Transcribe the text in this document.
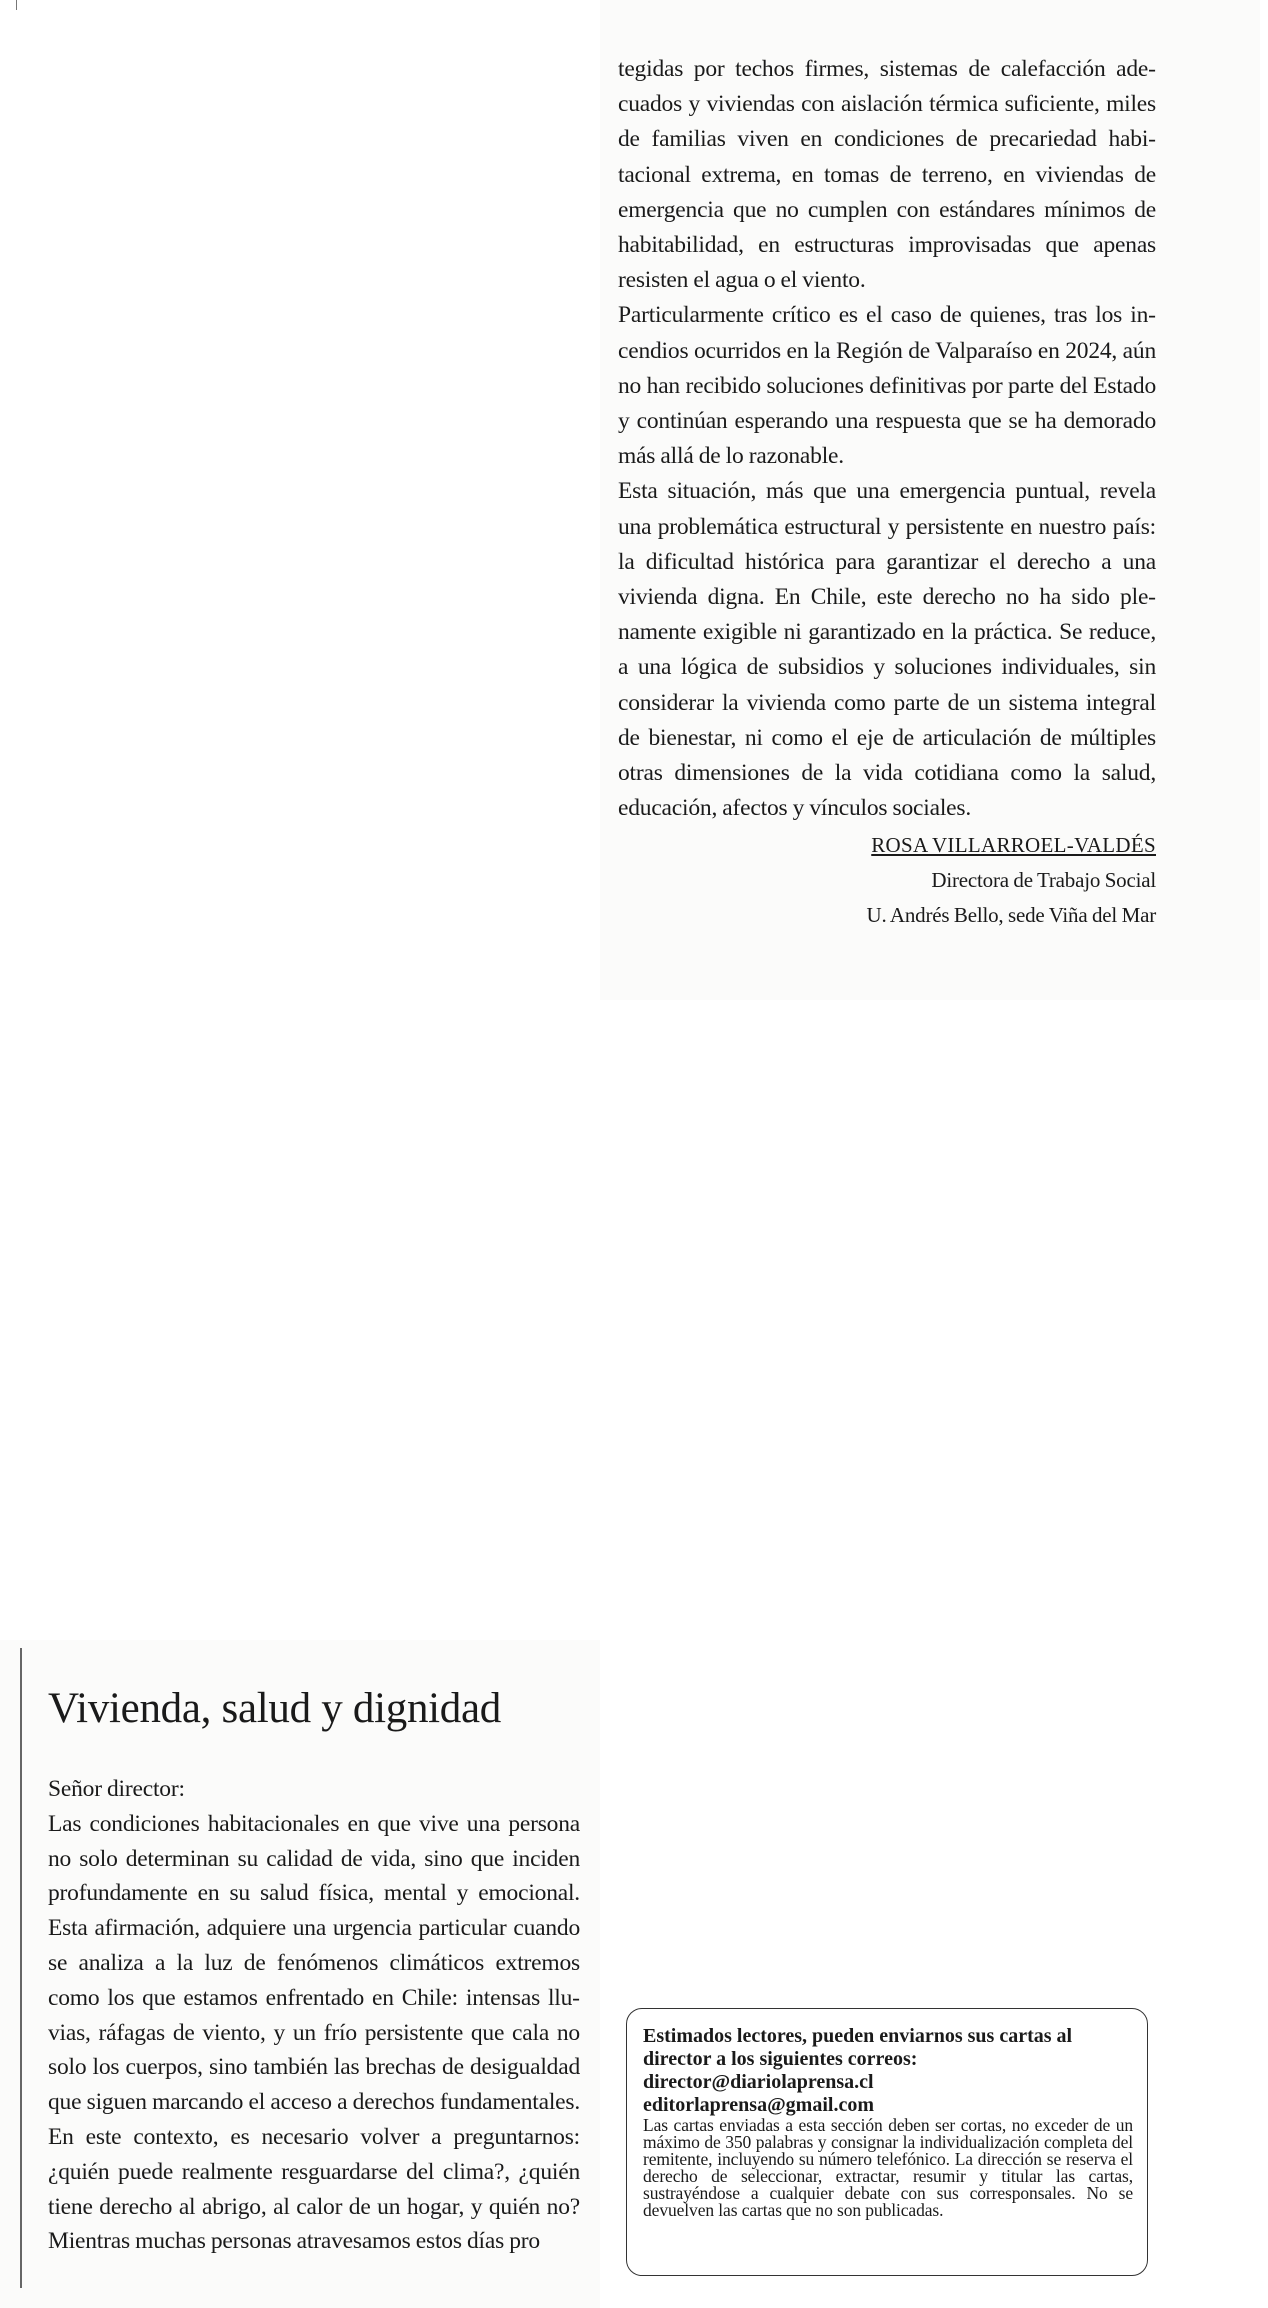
tegidas por techos firmes, sistemas de calefacción adecuados y viviendas con aislación térmica suficiente, miles de familias viven en condiciones de precariedad habitacional extrema, en tomas de terreno, en viviendas de emergencia que no cumplen con estándares mínimos de habitabilidad, en estructuras improvisadas que apenas resisten el agua o el viento.

Particularmente crítico es el caso de quienes, tras los incendios ocurridos en la Región de Valparaíso en 2024, aún no han recibido soluciones definitivas por parte del Estado y continúan esperando una respuesta que se ha demorado más allá de lo razonable.

Esta situación, más que una emergencia puntual, revela una problemática estructural y persistente en nuestro país: la dificultad histórica para garantizar el derecho a una vivienda digna. En Chile, este derecho no ha sido plenamente exigible ni garantizado en la práctica. Se reduce, a una lógica de subsidios y soluciones individuales, sin considerar la vivienda como parte de un sistema integral de bienestar, ni como el eje de articulación de múltiples otras dimensiones de la vida cotidiana como la salud, educación, afectos y vínculos sociales.

ROSA VILLARROEL-VALDÉS
Directora de Trabajo Social
U. Andrés Bello, sede Viña del Mar
Vivienda, salud y dignidad

Señor director:

Las condiciones habitacionales en que vive una persona no solo determinan su calidad de vida, sino que inciden profundamente en su salud física, mental y emocional. Esta afirmación, adquiere una urgencia particular cuando se analiza a la luz de fenómenos climáticos extremos como los que estamos enfrentado en Chile: intensas lluvias, ráfagas de viento, y un frío persistente que cala no solo los cuerpos, sino también las brechas de desigualdad que siguen marcando el acceso a derechos fundamentales. En este contexto, es necesario volver a preguntarnos: ¿quién puede realmente resguardarse del clima?, ¿quién tiene derecho al abrigo, al calor de un hogar, y quién no? Mientras muchas personas atravesamos estos días pro

Estimados lectores, pueden enviarnos sus cartas al director a los siguientes correos:

director@diariolaprensa.cl
editorlaprensa@gmail.com

Las cartas enviadas a esta sección deben ser cortas, no exceder de un máximo de 350 palabras y consignar la individualización completa del remitente, incluyendo su número telefónico. La dirección se reserva el derecho de seleccionar, extractar, resumir y titular las cartas, sustrayéndose a cualquier debate con sus corresponsales. No se devuelven las cartas que no son publicadas.
